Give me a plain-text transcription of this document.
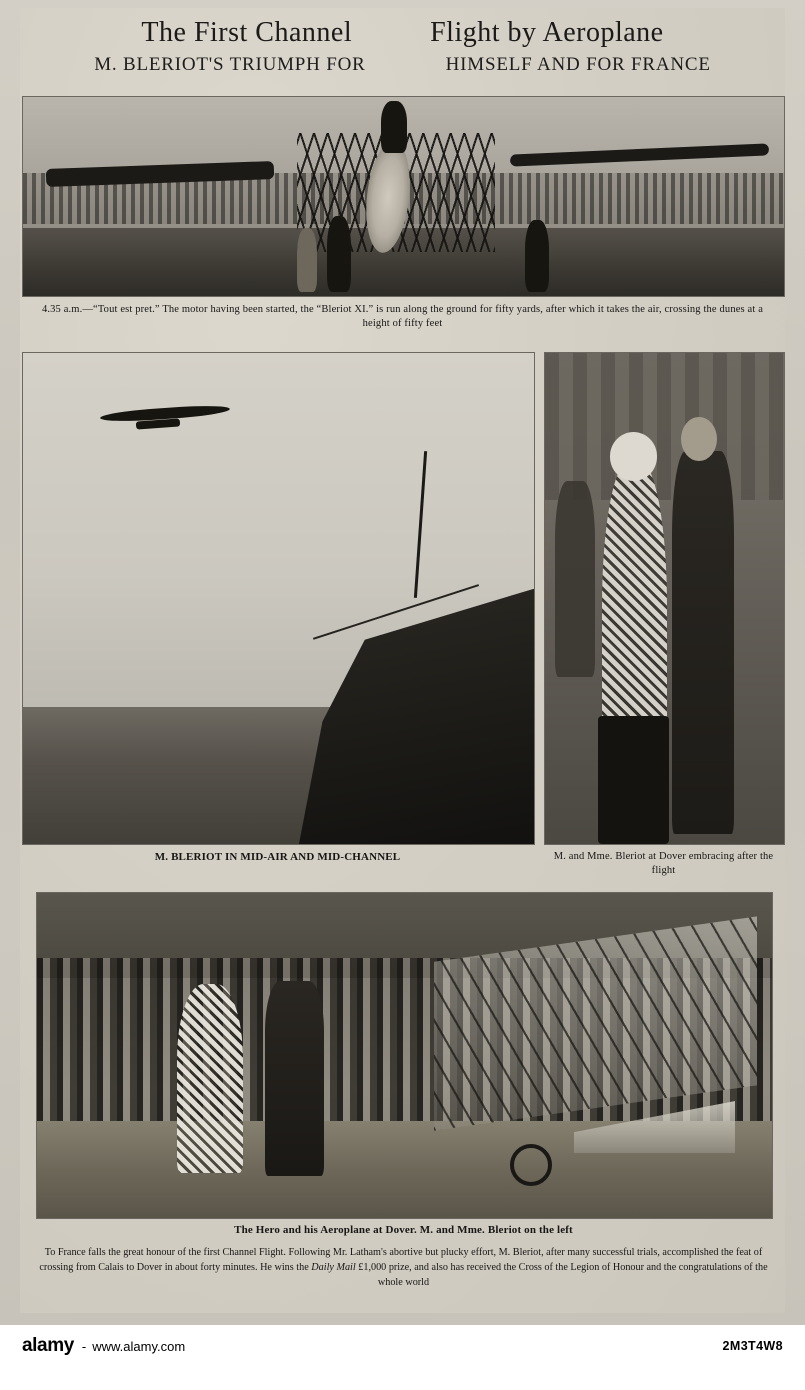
The First Channel	Flight by Aeroplane
M. BLERIOT'S TRIUMPH FOR	HIMSELF AND FOR FRANCE
4.35 a.m.—“Tout est pret.” The motor having been started, the “Bleriot XI.” is run along the ground for fifty yards, after which it takes the air, crossing the dunes at a height of fifty feet
M. BLERIOT IN MID-AIR AND MID-CHANNEL	M. and Mme. Bleriot at Dover embracing after the flight
The Hero and his Aeroplane at Dover. M. and Mme. Bleriot on the left
To France falls the great honour of the first Channel Flight. Following Mr. Latham's abortive but plucky effort, M. Bleriot, after many successful trials, accomplished the feat of crossing from Calais to Dover in about forty minutes. He wins the Daily Mail £1,000 prize, and also has received the Cross of the Legion of Honour and the congratulations of the whole world
alamy - www.alamy.com	2M3T4W8
